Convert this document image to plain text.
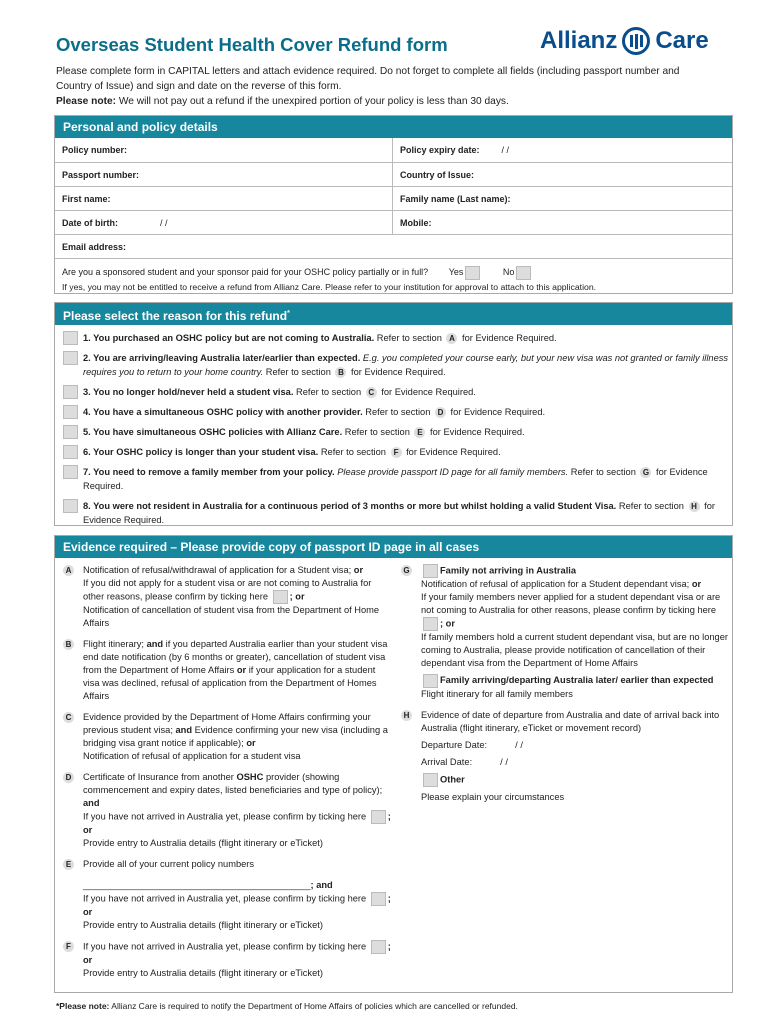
Overseas Student Health Cover Refund form	Allianz Care
Please complete form in CAPITAL letters and attach evidence required. Do not forget to complete all fields (including passport number and Country of Issue) and sign and date on the reverse of this form.
Please note: We will not pay out a refund if the unexpired portion of your policy is less than 30 days.
Personal and policy details
Policy number:	Policy expiry date: / /
Passport number:	Country of Issue:
First name:	Family name (Last name):
Date of birth:	/ /	Mobile:
Email address:
Are you a sponsored student and your sponsor paid for your OSHC policy partially or in full? Yes	No
If yes, you may not be entitled to receive a refund from Allianz Care. Please refer to your institution for approval to attach to this application.
Please select the reason for this refund*
1. You purchased an OSHC policy but are not coming to Australia. Refer to section A for Evidence Required.
2. You are arriving/leaving Australia later/earlier than expected. E.g. you completed your course early, but your new visa was not granted or family illness requires you to return to your home country. Refer to section B for Evidence Required.
3. You no longer hold/never held a student visa. Refer to section C for Evidence Required.
4. You have a simultaneous OSHC policy with another provider. Refer to section D for Evidence Required.
5. You have simultaneous OSHC policies with Allianz Care. Refer to section E for Evidence Required.
6. Your OSHC policy is longer than your student visa. Refer to section F for Evidence Required.
7. You need to remove a family member from your policy. Please provide passport ID page for all family members. Refer to section G for Evidence Required.
8. You were not resident in Australia for a continuous period of 3 months or more but whilst holding a valid Student Visa. Refer to section H for Evidence Required.
Evidence required – Please provide copy of passport ID page in all cases
A Notification of refusal/withdrawal of application for a Student visa; or
If you did not apply for a student visa or are not coming to Australia for other reasons, please confirm by ticking here ; or
Notification of cancellation of student visa from the Department of Home Affairs
B Flight itinerary; and if you departed Australia earlier than your student visa end date notification (by 6 months or greater), cancellation of student visa from the Department of Home Affairs or if your application for a student visa was declined, refusal of application from the Department of Homes Affairs
C Evidence provided by the Department of Home Affairs confirming your previous student visa; and Evidence confirming your new visa (including a bridging visa grant notice if applicable); or
Notification of refusal of application for a student visa
D Certificate of Insurance from another OSHC provider (showing commencement and expiry dates, listed beneficiaries and type of policy); and
If you have not arrived in Australia yet, please confirm by ticking here ; or
Provide entry to Australia details (flight itinerary or eTicket)
E	Provide all of your current policy numbers
____________________________________________; and
If you have not arrived in Australia yet, please confirm by ticking here ; or
Provide entry to Australia details (flight itinerary or eTicket)
F	If you have not arrived in Australia yet, please confirm by ticking here ; or
Provide entry to Australia details (flight itinerary or eTicket)
G	Family not arriving in Australia
Notification of refusal of application for a Student dependant visa; or
If your family members never applied for a student dependant visa or are not coming to Australia for other reasons, please confirm by ticking here ; or
If family members hold a current student dependant visa, but are no longer coming to Australia, please provide notification of cancellation of their dependant visa from the Department of Home Affairs
Family arriving/departing Australia later/ earlier than expected
Flight itinerary for all family members
H Evidence of date of departure from Australia and date of arrival back into Australia (flight itinerary, eTicket or movement record)
Departure Date:	/ /
Arrival Date:	/ /
Other
Please explain your circumstances
*Please note: Allianz Care is required to notify the Department of Home Affairs of policies which are cancelled or refunded.
